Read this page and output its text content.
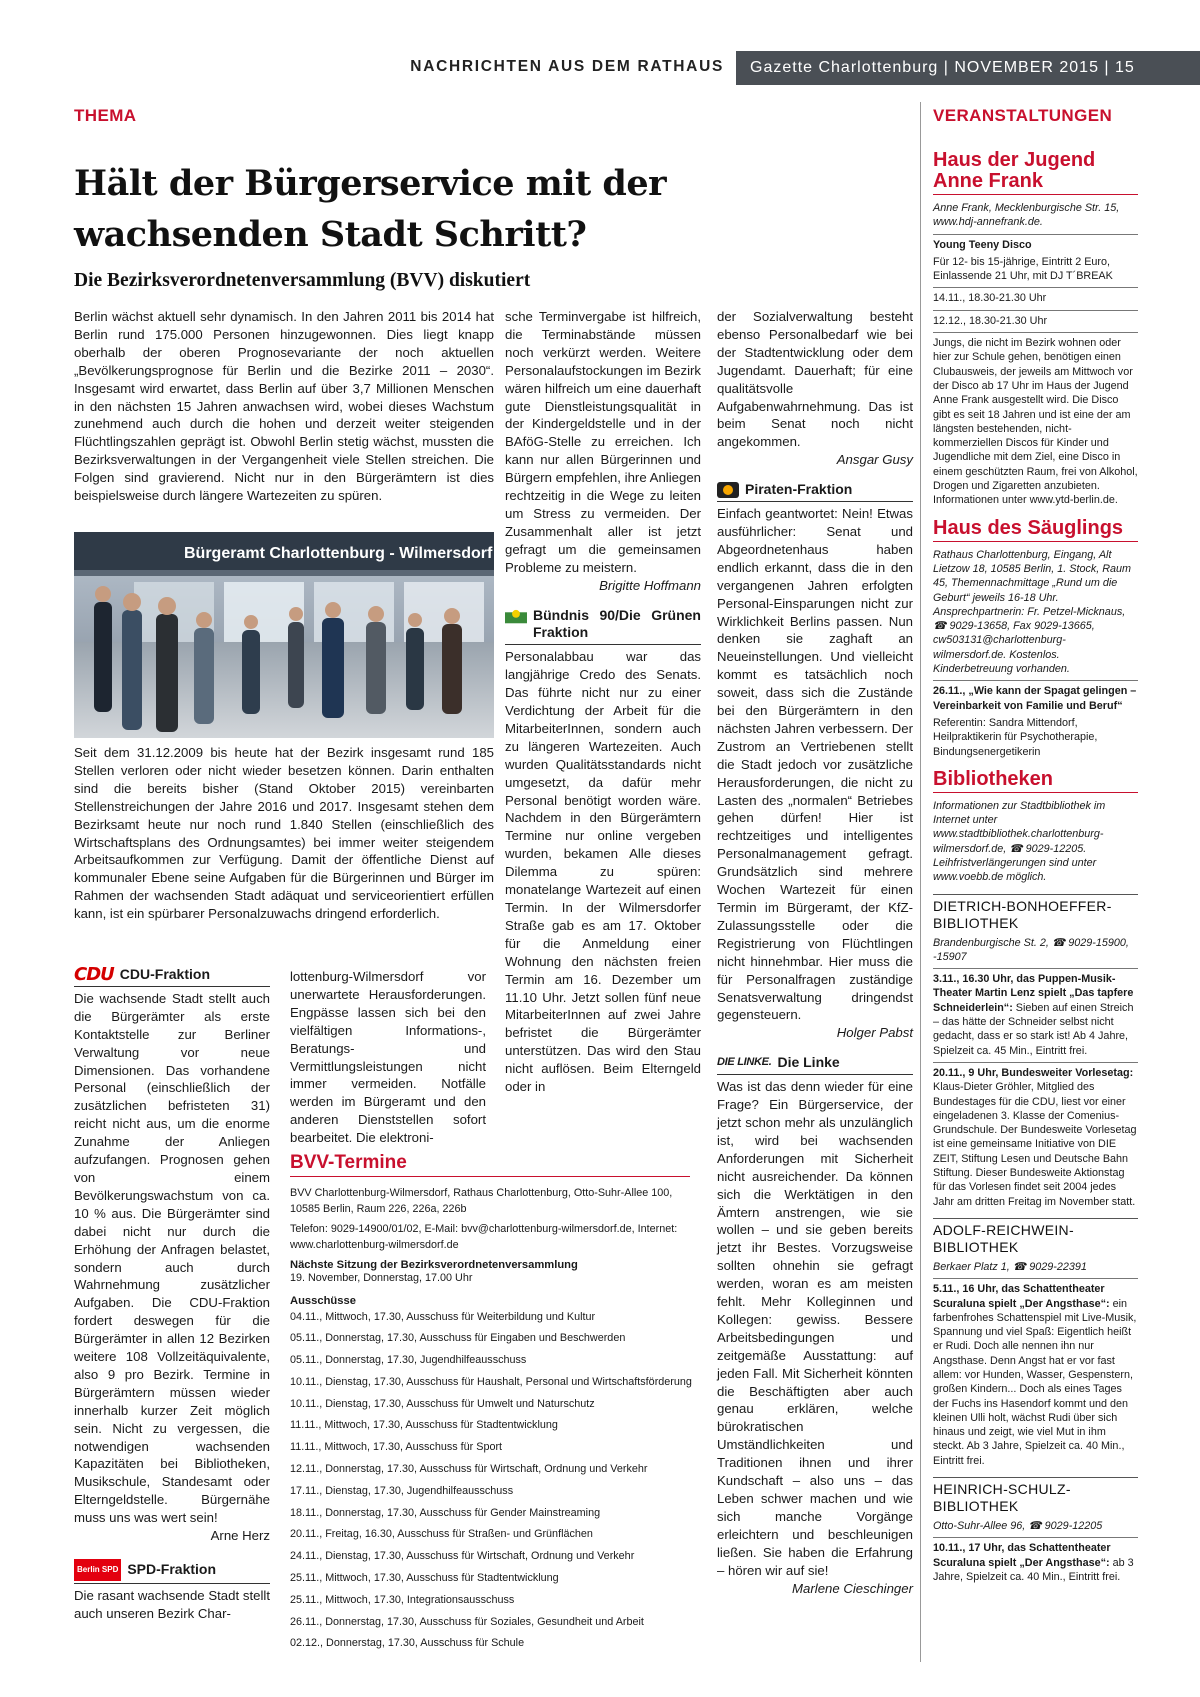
NACHRICHTEN AUS DEM RATHAUS	Gazette Charlottenburg | NOVEMBER 2015 | 15
THEMA	VERANSTALTUNGEN
Hält der Bürgerservice mit der
wachsenden Stadt Schritt?
Die Bezirksverordnetenversammlung (BVV) diskutiert

Berlin wächst aktuell sehr dynamisch. In den Jahren 2011 bis 2014 hat Berlin rund 175.000 Personen hinzugewonnen. Dies liegt knapp oberhalb der oberen Prognosevariante der noch aktuellen „Bevölkerungsprognose für Berlin und die Bezirke 2011 – 2030“. Insgesamt wird erwartet, dass Berlin auf über 3,7 Millionen Menschen in den nächsten 15 Jahren anwachsen wird, wobei dieses Wachstum zunehmend auch durch die hohen und derzeit weiter steigenden Flüchtlingszahlen geprägt ist. Obwohl Berlin stetig wächst, mussten die Bezirksverwaltungen in der Vergangenheit viele Stellen streichen. Die Folgen sind gravierend. Nicht nur in den Bürgerämtern ist dies beispielsweise durch längere Wartezeiten zu spüren.

Bürgeramt Charlottenburg - Wilmersdorf

Seit dem 31.12.2009 bis heute hat der Bezirk insgesamt rund 185 Stellen verloren oder nicht wieder besetzen können. Darin enthalten sind die bereits bisher (Stand Oktober 2015) vereinbarten Stellenstreichungen der Jahre 2016 und 2017. Insgesamt stehen dem Bezirksamt heute nur noch rund 1.840 Stellen (einschließlich des Wirtschaftsplans des Ordnungsamtes) bei immer weiter steigendem Arbeitsaufkommen zur Verfügung. Damit der öffentliche Dienst auf kommunaler Ebene seine Aufgaben für die Bürgerinnen und Bürger im Rahmen der wachsenden Stadt adäquat und serviceorientiert erfüllen kann, ist ein spürbarer Personalzuwachs dringend erforderlich.

CDU CDU-Fraktion

Die wachsende Stadt stellt auch die Bürgerämter als erste Kontaktstelle zur Berliner Verwaltung vor neue Dimensionen. Das vorhandene Personal (einschließlich der zusätzlichen befristeten 31) reicht nicht aus, um die enorme Zunahme der Anliegen aufzufangen. Prognosen gehen von einem Bevölkerungswachstum von ca. 10 % aus. Die Bürgerämter sind dabei nicht nur durch die Erhöhung der Anfragen belastet, sondern auch durch Wahrnehmung zusätzlicher Aufgaben. Die CDU-Fraktion fordert deswegen für die Bürgerämter in allen 12 Bezirken weitere 108 Vollzeitäquivalente, also 9 pro Bezirk. Termine in Bürgerämtern müssen wieder innerhalb kurzer Zeit möglich sein. Nicht zu vergessen, die notwendigen wachsenden Kapazitäten bei Bibliotheken, Musikschule, Standesamt oder Elterngeldstelle. Bürgernähe muss uns was wert sein!

Arne Herz

Berlin SPD SPD-Fraktion

Die rasant wachsende Stadt stellt auch unseren Bezirk Char-

lottenburg-Wilmersdorf vor unerwartete Herausforderungen. Engpässe lassen sich bei den vielfältigen Informations-, Beratungs- und Vermittlungsleistungen nicht immer vermeiden. Notfälle werden im Bürgeramt und den anderen Dienststellen sofort bearbeitet. Die elektroni-

sche Terminvergabe ist hilfreich, die Terminabstände müssen noch verkürzt werden. Weitere Personalaufstockungen im Bezirk wären hilfreich um eine dauerhaft gute Dienstleistungsqualität in der Kindergeldstelle und in der BAföG-Stelle zu erreichen. Ich kann nur allen Bürgerinnen und Bürgern empfehlen, ihre Anliegen rechtzeitig in die Wege zu leiten um Stress zu vermeiden. Der Zusammenhalt aller ist jetzt gefragt um die gemeinsamen Probleme zu meistern.

Brigitte Hoffmann

Bündnis 90/Die Grünen Fraktion

Personalabbau war das langjährige Credo des Senats. Das führte nicht nur zu einer Verdichtung der Arbeit für die MitarbeiterInnen, sondern auch zu längeren Wartezeiten. Auch wurden Qualitätsstandards nicht umgesetzt, da dafür mehr Personal benötigt worden wäre. Nachdem in den Bürgerämtern Termine nur online vergeben wurden, bekamen Alle dieses Dilemma zu spüren: monatelange Wartezeit auf einen Termin. In der Wilmersdorfer Straße gab es am 17. Oktober für die Anmeldung einer Wohnung den nächsten freien Termin am 16. Dezember um 11.10 Uhr. Jetzt sollen fünf neue MitarbeiterInnen auf zwei Jahre befristet die Bürgerämter unterstützen. Das wird den Stau nicht auflösen. Beim Elterngeld oder in

der Sozialverwaltung besteht ebenso Personalbedarf wie bei der Stadtentwicklung oder dem Jugendamt. Dauerhaft; für eine qualitätsvolle Aufgabenwahrnehmung. Das ist beim Senat noch nicht angekommen.

Ansgar Gusy

Piraten-Fraktion

Einfach geantwortet: Nein! Etwas ausführlicher: Senat und Abgeordnetenhaus haben endlich erkannt, dass die in den vergangenen Jahren erfolgten Personal-Einsparungen nicht zur Wirklichkeit Berlins passen. Nun denken sie zaghaft an Neueinstellungen. Und vielleicht kommt es tatsächlich noch soweit, dass sich die Zustände bei den Bürgerämtern in den nächsten Jahren verbessern. Der Zustrom an Vertriebenen stellt die Stadt jedoch vor zusätzliche Herausforderungen, die nicht zu Lasten des „normalen“ Betriebes gehen dürfen! Hier ist rechtzeitiges und intelligentes Personalmanagement gefragt. Grundsätzlich sind mehrere Wochen Wartezeit für einen Termin im Bürgeramt, der KfZ-Zulassungsstelle oder die Registrierung von Flüchtlingen nicht hinnehmbar. Hier muss die für Personalfragen zuständige Senatsverwaltung dringendst gegensteuern.

Holger Pabst

DIE LINKE. Die Linke

Was ist das denn wieder für eine Frage? Ein Bürgerservice, der jetzt schon mehr als unzulänglich ist, wird bei wachsenden Anforderungen mit Sicherheit nicht ausreichender. Da können sich die Werktätigen in den Ämtern anstrengen, wie sie wollen – und sie geben bereits jetzt ihr Bestes. Vorzugsweise sollten ohnehin sie gefragt werden, woran es am meisten fehlt. Mehr Kolleginnen und Kollegen: gewiss. Bessere Arbeitsbedingungen und zeitgemäße Ausstattung: auf jeden Fall. Mit Sicherheit könnten die Beschäftigten aber auch genau erklären, welche bürokratischen Umständlichkeiten und Traditionen ihnen und ihrer Kundschaft – also uns – das Leben schwer machen und wie sich manche Vorgänge erleichtern und beschleunigen ließen. Sie haben die Erfahrung – hören wir auf sie!

Marlene Cieschinger

BVV-Termine
BVV Charlottenburg-Wilmersdorf, Rathaus Charlottenburg, Otto-Suhr-Allee 100, 10585 Berlin, Raum 226, 226a, 226b
Telefon: 9029-14900/01/02, E-Mail: bvv@charlottenburg-wilmersdorf.de, Internet: www.charlottenburg-wilmersdorf.de
Nächste Sitzung der Bezirksverordnetenversammlung
19. November, Donnerstag, 17.00 Uhr
Ausschüsse
04.11., Mittwoch, 17.30, Ausschuss für Weiterbildung und Kultur
05.11., Donnerstag, 17.30, Ausschuss für Eingaben und Beschwerden
05.11., Donnerstag, 17.30, Jugendhilfeausschuss
10.11., Dienstag, 17.30, Ausschuss für Haushalt, Personal und Wirtschaftsförderung
10.11., Dienstag, 17.30, Ausschuss für Umwelt und Naturschutz
11.11., Mittwoch, 17.30, Ausschuss für Stadtentwicklung
11.11., Mittwoch, 17.30, Ausschuss für Sport
12.11., Donnerstag, 17.30, Ausschuss für Wirtschaft, Ordnung und Verkehr
17.11., Dienstag, 17.30, Jugendhilfeausschuss
18.11., Donnerstag, 17.30, Ausschuss für Gender Mainstreaming
20.11., Freitag, 16.30, Ausschuss für Straßen- und Grünflächen
24.11., Dienstag, 17.30, Ausschuss für Wirtschaft, Ordnung und Verkehr
25.11., Mittwoch, 17.30, Ausschuss für Stadtentwicklung
25.11., Mittwoch, 17.30, Integrationsausschuss
26.11., Donnerstag, 17.30, Ausschuss für Soziales, Gesundheit und Arbeit
02.12., Donnerstag, 17.30, Ausschuss für Schule
Haus der Jugend Anne Frank

Anne Frank, Mecklenburgische Str. 15, www.hdj-annefrank.de.

Young Teeny Disco

Für 12- bis 15-jährige, Eintritt 2 Euro, Einlassende 21 Uhr, mit DJ T´BREAK

14.11., 18.30-21.30 Uhr

12.12., 18.30-21.30 Uhr

Jungs, die nicht im Bezirk wohnen oder hier zur Schule gehen, benötigen einen Clubausweis, der jeweils am Mittwoch vor der Disco ab 17 Uhr im Haus der Jugend Anne Frank ausgestellt wird. Die Disco gibt es seit 18 Jahren und ist eine der am längsten bestehenden, nicht-kommerziellen Discos für Kinder und Jugendliche mit dem Ziel, eine Disco in einem geschützten Raum, frei von Alkohol, Drogen und Zigaretten anzubieten. Informationen unter www.ytd-berlin.de.

Haus des Säuglings

Rathaus Charlottenburg, Eingang, Alt Lietzow 18, 10585 Berlin, 1. Stock, Raum 45, Themennachmittage „Rund um die Geburt“ jeweils 16-18 Uhr. Ansprechpartnerin: Fr. Petzel-Micknaus, ☎ 9029-13658, Fax 9029-13665, cw503131@charlottenburg-wilmersdorf.de. Kostenlos. Kinderbetreuung vorhanden.

26.11., „Wie kann der Spagat gelingen – Vereinbarkeit von Familie und Beruf“

Referentin: Sandra Mittendorf, Heilpraktikerin für Psychotherapie, Bindungsenergetikerin

Bibliotheken

Informationen zur Stadtbibliothek im Internet unter www.stadtbibliothek.charlottenburg-wilmersdorf.de, ☎ 9029-12205. Leihfristverlängerungen sind unter www.voebb.de möglich.

DIETRICH-BONHOEFFER-BIBLIOTHEK

Brandenburgische St. 2, ☎ 9029-15900, -15907

3.11., 16.30 Uhr, das Puppen-Musik-Theater Martin Lenz spielt „Das tapfere Schneiderlein“: Sieben auf einen Streich – das hätte der Schneider selbst nicht gedacht, dass er so stark ist! Ab 4 Jahre, Spielzeit ca. 45 Min., Eintritt frei.
20.11., 9 Uhr, Bundesweiter Vorlesetag: Klaus-Dieter Gröhler, Mitglied des Bundestages für die CDU, liest vor einer eingeladenen 3. Klasse der Comenius-Grundschule. Der Bundesweite Vorlesetag ist eine gemeinsame Initiative von DIE ZEIT, Stiftung Lesen und Deutsche Bahn Stiftung. Dieser Bundesweite Aktionstag für das Vorlesen findet seit 2004 jedes Jahr am dritten Freitag im November statt.
ADOLF-REICHWEIN-BIBLIOTHEK

Berkaer Platz 1, ☎ 9029-22391

5.11., 16 Uhr, das Schattentheater Scuraluna spielt „Der Angsthase“: ein farbenfrohes Schattenspiel mit Live-Musik, Spannung und viel Spaß: Eigentlich heißt er Rudi. Doch alle nennen ihn nur Angsthase. Denn Angst hat er vor fast allem: vor Hunden, Wasser, Gespenstern, großen Kindern... Doch als eines Tages der Fuchs ins Hasendorf kommt und den kleinen Ulli holt, wächst Rudi über sich hinaus und zeigt, wie viel Mut in ihm steckt. Ab 3 Jahre, Spielzeit ca. 40 Min., Eintritt frei.
HEINRICH-SCHULZ-BIBLIOTHEK

Otto-Suhr-Allee 96, ☎ 9029-12205

10.11., 17 Uhr, das Schattentheater Scuraluna spielt „Der Angsthase“: ab 3 Jahre, Spielzeit ca. 40 Min., Eintritt frei.
